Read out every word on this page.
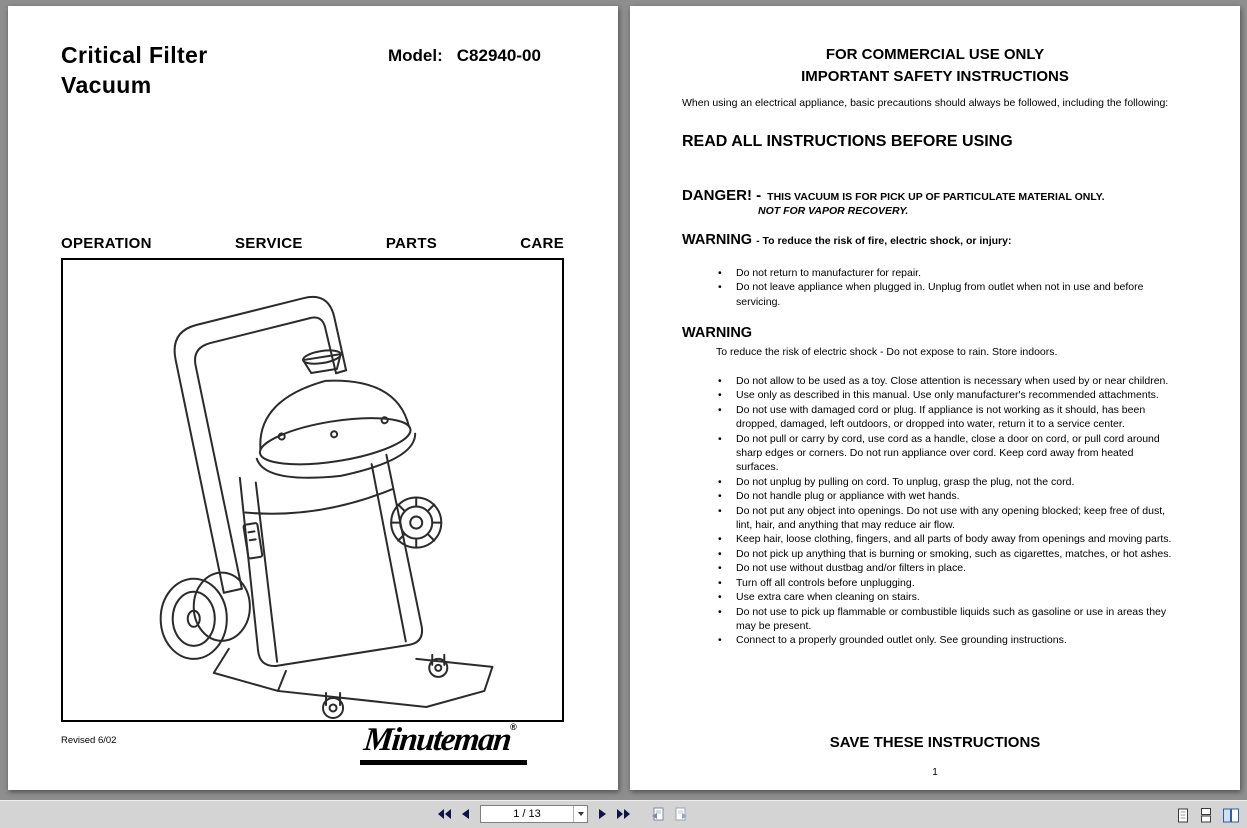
Critical Filter
Vacuum
Model: C82940-00
OPERATION	SERVICE	PARTS	CARE
Revised 6/02	Minuteman®
FOR COMMERCIAL USE ONLY
IMPORTANT SAFETY INSTRUCTIONS
When using an electrical appliance, basic precautions should always be followed, including the following:
READ ALL INSTRUCTIONS BEFORE USING
DANGER! - THIS VACUUM IS FOR PICK UP OF PARTICULATE MATERIAL ONLY.
NOT FOR VAPOR RECOVERY.
WARNING - To reduce the risk of fire, electric shock, or injury:
• Do not return to manufacturer for repair.
• Do not leave appliance when plugged in. Unplug from outlet when not in use and before servicing.
WARNING
To reduce the risk of electric shock - Do not expose to rain. Store indoors.
• Do not allow to be used as a toy. Close attention is necessary when used by or near children.
• Use only as described in this manual. Use only manufacturer's recommended attachments.
• Do not use with damaged cord or plug. If appliance is not working as it should, has been dropped, damaged, left outdoors, or dropped into water, return it to a service center.
• Do not pull or carry by cord, use cord as a handle, close a door on cord, or pull cord around sharp edges or corners. Do not run appliance over cord. Keep cord away from heated surfaces.
• Do not unplug by pulling on cord. To unplug, grasp the plug, not the cord.
• Do not handle plug or appliance with wet hands.
• Do not put any object into openings. Do not use with any opening blocked; keep free of dust, lint, hair, and anything that may reduce air flow.
• Keep hair, loose clothing, fingers, and all parts of body away from openings and moving parts.
• Do not pick up anything that is burning or smoking, such as cigarettes, matches, or hot ashes.
• Do not use without dustbag and/or filters in place.
• Turn off all controls before unplugging.
• Use extra care when cleaning on stairs.
• Do not use to pick up flammable or combustible liquids such as gasoline or use in areas they may be present.
• Connect to a properly grounded outlet only. See grounding instructions.
SAVE THESE INSTRUCTIONS
1
1 / 13
